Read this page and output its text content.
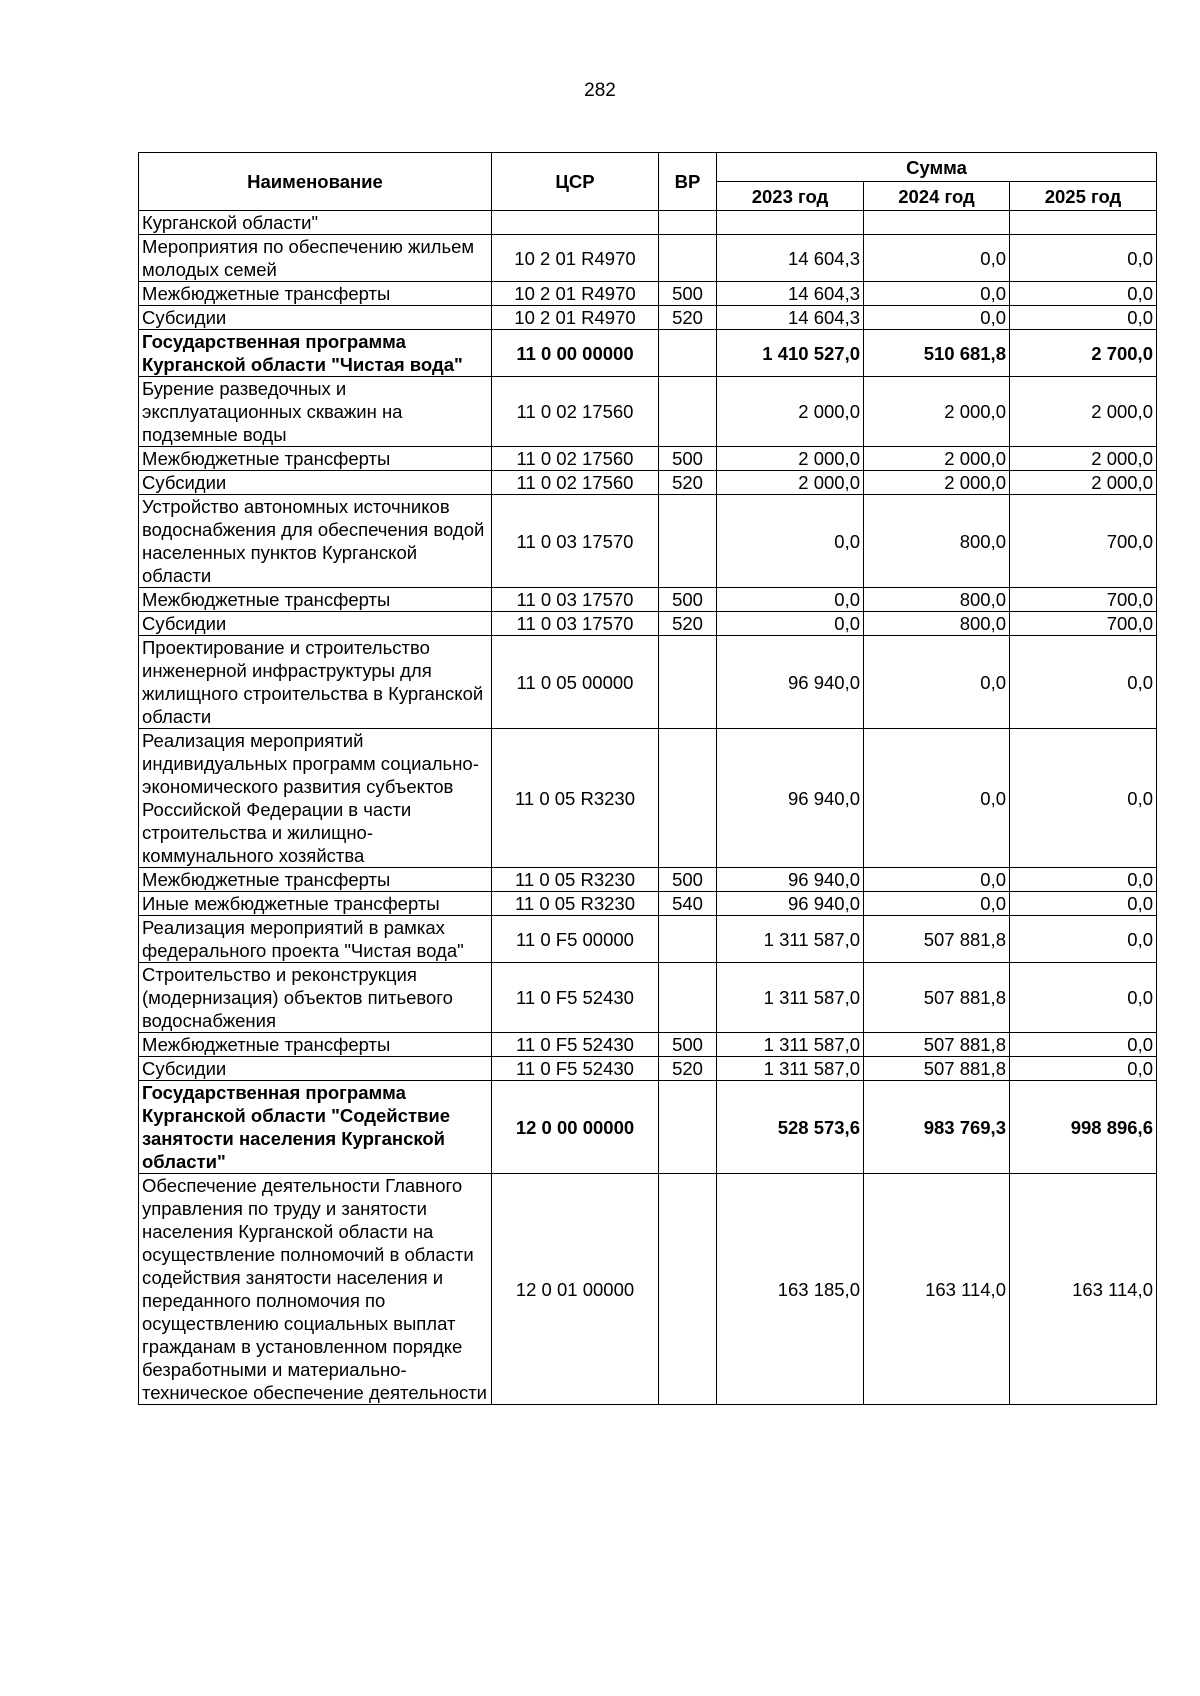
282
Наименование	ЦСР	ВР	Сумма		
			2023 год	2024 год	2025 год
Курганской области"					
Мероприятия по обеспечению жильем молодых семей	10 2 01 R4970		14 604,3	0,0	0,0
Межбюджетные трансферты	10 2 01 R4970	500	14 604,3	0,0	0,0
Субсидии	10 2 01 R4970	520	14 604,3	0,0	0,0
Государственная программа Курганской области "Чистая вода"	11 0 00 00000		1 410 527,0	510 681,8	2 700,0
Бурение разведочных и эксплуатационных скважин на подземные воды	11 0 02 17560		2 000,0	2 000,0	2 000,0
Межбюджетные трансферты	11 0 02 17560	500	2 000,0	2 000,0	2 000,0
Субсидии	11 0 02 17560	520	2 000,0	2 000,0	2 000,0
Устройство автономных источников водоснабжения для обеспечения водой населенных пунктов Курганской области	11 0 03 17570		0,0	800,0	700,0
Межбюджетные трансферты	11 0 03 17570	500	0,0	800,0	700,0
Субсидии	11 0 03 17570	520	0,0	800,0	700,0
Проектирование и строительство инженерной инфраструктуры для жилищного строительства в Курганской области	11 0 05 00000		96 940,0	0,0	0,0
Реализация мероприятий индивидуальных программ социально-экономического развития субъектов Российской Федерации в части строительства и жилищно-коммунального хозяйства	11 0 05 R3230		96 940,0	0,0	0,0
Межбюджетные трансферты	11 0 05 R3230	500	96 940,0	0,0	0,0
Иные межбюджетные трансферты	11 0 05 R3230	540	96 940,0	0,0	0,0
Реализация мероприятий в рамках федерального проекта "Чистая вода"	11 0 F5 00000		1 311 587,0	507 881,8	0,0
Строительство и реконструкция (модернизация) объектов питьевого водоснабжения	11 0 F5 52430		1 311 587,0	507 881,8	0,0
Межбюджетные трансферты	11 0 F5 52430	500	1 311 587,0	507 881,8	0,0
Субсидии	11 0 F5 52430	520	1 311 587,0	507 881,8	0,0
Государственная программа Курганской области "Содействие занятости населения Курганской области"	12 0 00 00000		528 573,6	983 769,3	998 896,6
Обеспечение деятельности Главного управления по труду и занятости населения Курганской области на осуществление полномочий в области содействия занятости населения и переданного полномочия по осуществлению социальных выплат гражданам в установленном порядке безработными и материально-техническое обеспечение деятельности	12 0 01 00000		163 185,0	163 114,0	163 114,0
